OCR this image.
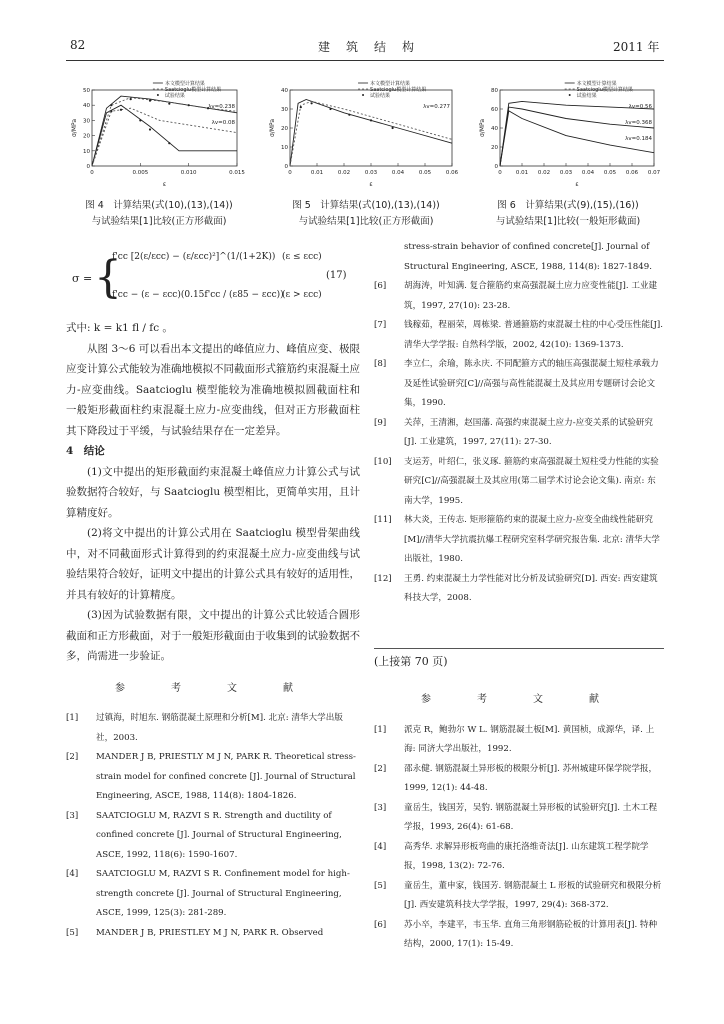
82	建　筑　结　构	2011 年
0	0.005	0.010	0.015
0
10
20
30
40
50
σ/MPa
ε
本文模型计算结果
Saatcioglu模型计算结果
试验结果
λv=0.238
λv=0.08
0	0.01	0.02	0.03	0.04	0.05	0.06
0
10
20
30
40
σ/MPa
ε
本文模型计算结果
Saatcioglu模型计算结果
试验结果
λv=0.277
0	0.01 0.02 0.03 0.04 0.05 0.06 0.07
0
20
40
60
80
σ/MPa
ε
本文模型计算结果
Saatcioglu模型计算结果
试验结果
λv=0.56
λv=0.368
λv=0.184
图 4　计算结果(式(10),(13),(14))
与试验结果[1]比较(正方形截面)
图 5　计算结果(式(10),(13),(14))
与试验结果[1]比较(正方形截面)
图 6　计算结果(式(9),(15),(16))
与试验结果[1]比较(一般矩形截面)
σ = {
f'cc [2(ε/εcc) − (ε/εcc)²]^(1/(1+2K)) (ε ≤ εcc)
f'cc − (ε − εcc)(0.15f'cc / (ε85 − εcc))
(ε > εcc)
(17)

式中: k = k1 fl / fc 。

从图 3～6 可以看出本文提出的峰值应力、峰值应变、极限应变计算公式能较为准确地模拟不同截面形式箍筋约束混凝土应力-应变曲线。Saatcioglu 模型能较为准确地模拟圆截面柱和一般矩形截面柱约束混凝土应力-应变曲线，但对正方形截面柱其下降段过于平缓，与试验结果存在一定差异。

4　结论

(1)文中提出的矩形截面约束混凝土峰值应力计算公式与试验数据符合较好，与 Saatcioglu 模型相比，更简单实用，且计算精度好。

(2)将文中提出的计算公式用在 Saatcioglu 模型骨架曲线中，对不同截面形式计算得到的约束混凝土应力-应变曲线与试验结果符合较好，证明文中提出的计算公式具有较好的适用性，并具有较好的计算精度。

(3)因为试验数据有限，文中提出的计算公式比较适合圆形截面和正方形截面，对于一般矩形截面由于收集到的试验数据不多，尚需进一步验证。

参　考　文　献
[1] 过镇海，时旭东. 钢筋混凝土原理和分析[M]. 北京: 清华大学出版社，2003.
[2] MANDER J B, PRIESTLY M J N, PARK R. Theoretical stress-strain model for confined concrete [J]. Journal of Structural Engineering, ASCE, 1988, 114(8): 1804-1826.
[3] SAATCIOGLU M, RAZVI S R. Strength and ductility of confined concrete [J]. Journal of Structural Engineering, ASCE, 1992, 118(6): 1590-1607.
[4] SAATCIOGLU M, RAZVI S R. Confinement model for high-strength concrete [J]. Journal of Structural Engineering, ASCE, 1999, 125(3): 281-289.
[5] MANDER J B, PRIESTLEY M J N, PARK R. Observed
stress-strain behavior of confined concrete[J]. Journal of Structural Engineering, ASCE, 1988, 114(8): 1827-1849.
[6] 胡海涛，叶知满. 复合箍筋约束高强混凝土应力应变性能[J]. 工业建筑，1997, 27(10): 23-28.
[7] 钱稼茹，程丽荣，周栋梁. 普通箍筋约束混凝土柱的中心受压性能[J]. 清华大学学报: 自然科学版，2002, 42(10): 1369-1373.
[8] 李立仁，余瑜，陈永庆. 不同配箍方式的轴压高强混凝土短柱承载力及延性试验研究[C]//高强与高性能混凝土及其应用专题研讨会论文集，1990.
[9] 关萍，王清湘，赵国藩. 高强约束混凝土应力-应变关系的试验研究[J]. 工业建筑，1997, 27(11): 27-30.
[10] 支运芳，叶绍仁，张义琢. 箍筋约束高强混凝土短柱受力性能的实验研究[C]//高强混凝土及其应用(第二届学术讨论会论文集). 南京: 东南大学，1995.
[11] 林大炎，王传志. 矩形箍筋约束的混凝土应力-应变全曲线性能研究[M]//清华大学抗震抗爆工程研究室科学研究报告集. 北京: 清华大学出版社，1980.
[12] 王勇. 约束混凝土力学性能对比分析及试验研究[D]. 西安: 西安建筑科技大学，2008.
(上接第 70 页)
参　考　文　献
[1] 派克 R，鲍勃尔 W L. 钢筋混凝土板[M]. 黄国桢，成源华，译. 上海: 同济大学出版社，1992.
[2] 邵永健. 钢筋混凝土异形板的极限分析[J]. 苏州城建环保学院学报，1999, 12(1): 44-48.
[3] 童岳生，钱国芳，吴豹. 钢筋混凝土异形板的试验研究[J]. 土木工程学报，1993, 26(4): 61-68.
[4] 高秀华. 求解异形板弯曲的康托洛维奇法[J]. 山东建筑工程学院学报，1998, 13(2): 72-76.
[5] 童岳生，董申家，钱国芳. 钢筋混凝土 L 形板的试验研究和极限分析[J]. 西安建筑科技大学学报，1997, 29(4): 368-372.
[6] 苏小卒，李建平，韦玉华. 直角三角形钢筋砼板的计算用表[J]. 特种结构，2000, 17(1): 15-49.
